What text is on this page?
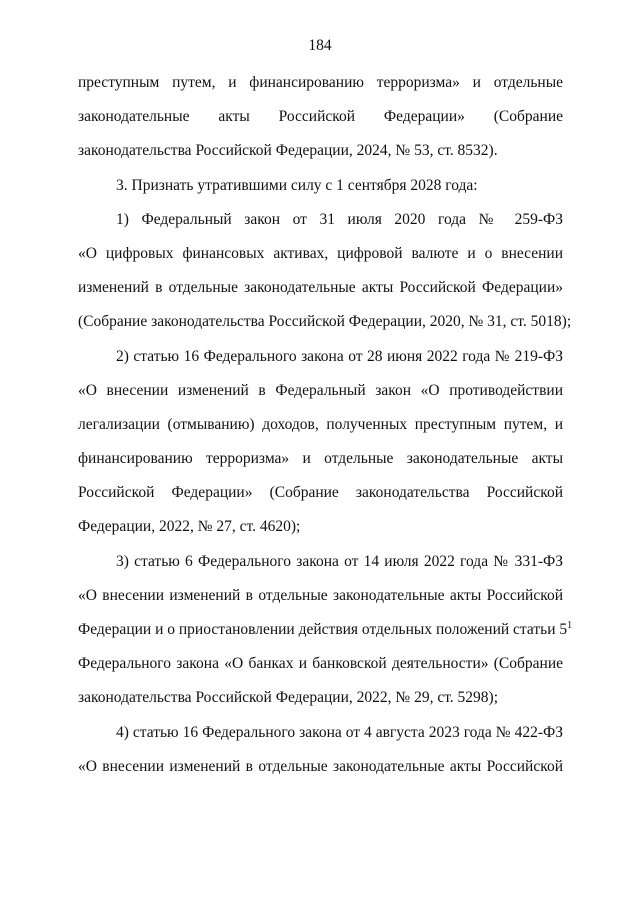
184
преступным путем, и финансированию терроризма» и отдельные
законодательные акты Российской Федерации» (Собрание
законодательства Российской Федерации, 2024, № 53, ст. 8532).
3. Признать утратившими силу с 1 сентября 2028 года:
1) Федеральный закон от 31 июля 2020 года № 259-ФЗ
«О цифровых финансовых активах, цифровой валюте и о внесении
изменений в отдельные законодательные акты Российской Федерации»
(Собрание законодательства Российской Федерации, 2020, № 31, ст. 5018);
2) статью 16 Федерального закона от 28 июня 2022 года № 219-ФЗ
«О внесении изменений в Федеральный закон «О противодействии
легализации (отмыванию) доходов, полученных преступным путем, и
финансированию терроризма» и отдельные законодательные акты
Российской Федерации» (Собрание законодательства Российской
Федерации, 2022, № 27, ст. 4620);
3) статью 6 Федерального закона от 14 июля 2022 года № 331-ФЗ
«О внесении изменений в отдельные законодательные акты Российской
Федерации и о приостановлении действия отдельных положений статьи $5^1$
Федерального закона «О банках и банковской деятельности» (Собрание
законодательства Российской Федерации, 2022, № 29, ст. 5298);
4) статью 16 Федерального закона от 4 августа 2023 года № 422-ФЗ
«О внесении изменений в отдельные законодательные акты Российской
